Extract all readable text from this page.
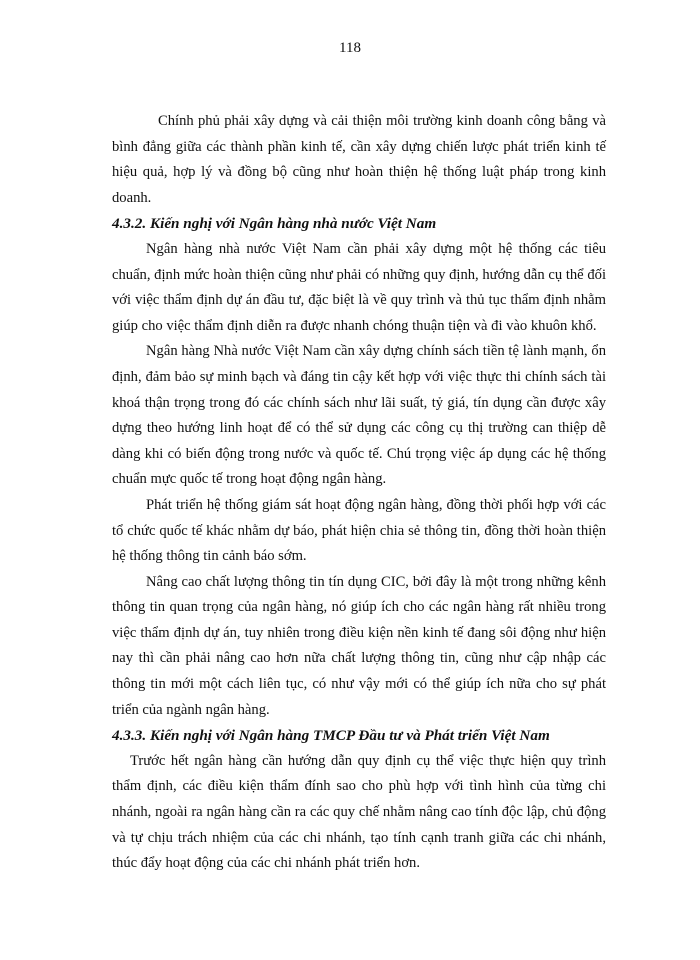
118

Chính phủ phải xây dựng và cải thiện môi trường kinh doanh công bằng và bình đẳng giữa các thành phần kinh tế, cần xây dựng chiến lược phát triển kinh tế hiệu quả, hợp lý và đồng bộ cũng như hoàn thiện hệ thống luật pháp trong kinh doanh.

4.3.2. Kiến nghị với Ngân hàng nhà nước Việt Nam

Ngân hàng nhà nước Việt Nam cần phải xây dựng một hệ thống các tiêu chuẩn, định mức hoàn thiện cũng như phải có những quy định, hướng dẫn cụ thể đối với việc thẩm định dự án đầu tư, đặc biệt là về quy trình và thủ tục thẩm định nhằm giúp cho việc thẩm định diễn ra được nhanh chóng thuận tiện và đi vào khuôn khổ.

Ngân hàng Nhà nước Việt Nam cần xây dựng chính sách tiền tệ lành mạnh, ổn định, đảm bảo sự minh bạch và đáng tin cậy kết hợp với việc thực thi chính sách tài khoá thận trọng trong đó các chính sách như lãi suất, tỷ giá, tín dụng cần được xây dựng theo hướng linh hoạt để có thể sử dụng các công cụ thị trường can thiệp dễ dàng khi có biến động trong nước và quốc tế. Chú trọng việc áp dụng các hệ thống chuẩn mực quốc tế trong hoạt động ngân hàng.

Phát triển hệ thống giám sát hoạt động ngân hàng, đồng thời phối hợp với các tổ chức quốc tế khác nhằm dự báo, phát hiện chia sẻ thông tin, đồng thời hoàn thiện hệ thống thông tin cảnh báo sớm.

Nâng cao chất lượng thông tin tín dụng CIC, bởi đây là một trong những kênh thông tin quan trọng của ngân hàng, nó giúp ích cho các ngân hàng rất nhiều trong việc thẩm định dự án, tuy nhiên trong điều kiện nền kinh tế đang sôi động như hiện nay thì cần phải nâng cao hơn nữa chất lượng thông tin, cũng như cập nhập các thông tin mới một cách liên tục, có như vậy mới có thể giúp ích nữa cho sự phát triển của ngành ngân hàng.

4.3.3. Kiến nghị với Ngân hàng TMCP Đầu tư và Phát triển Việt Nam

Trước hết ngân hàng cần hướng dẫn quy định cụ thể việc thực hiện quy trình thẩm định, các điều kiện thẩm đính sao cho phù hợp với tình hình của từng chi nhánh, ngoài ra ngân hàng cần ra các quy chế nhằm nâng cao tính độc lập, chủ động và tự chịu trách nhiệm của các chi nhánh, tạo tính cạnh tranh giữa các chi nhánh, thúc đẩy hoạt động của các chi nhánh phát triển hơn.
